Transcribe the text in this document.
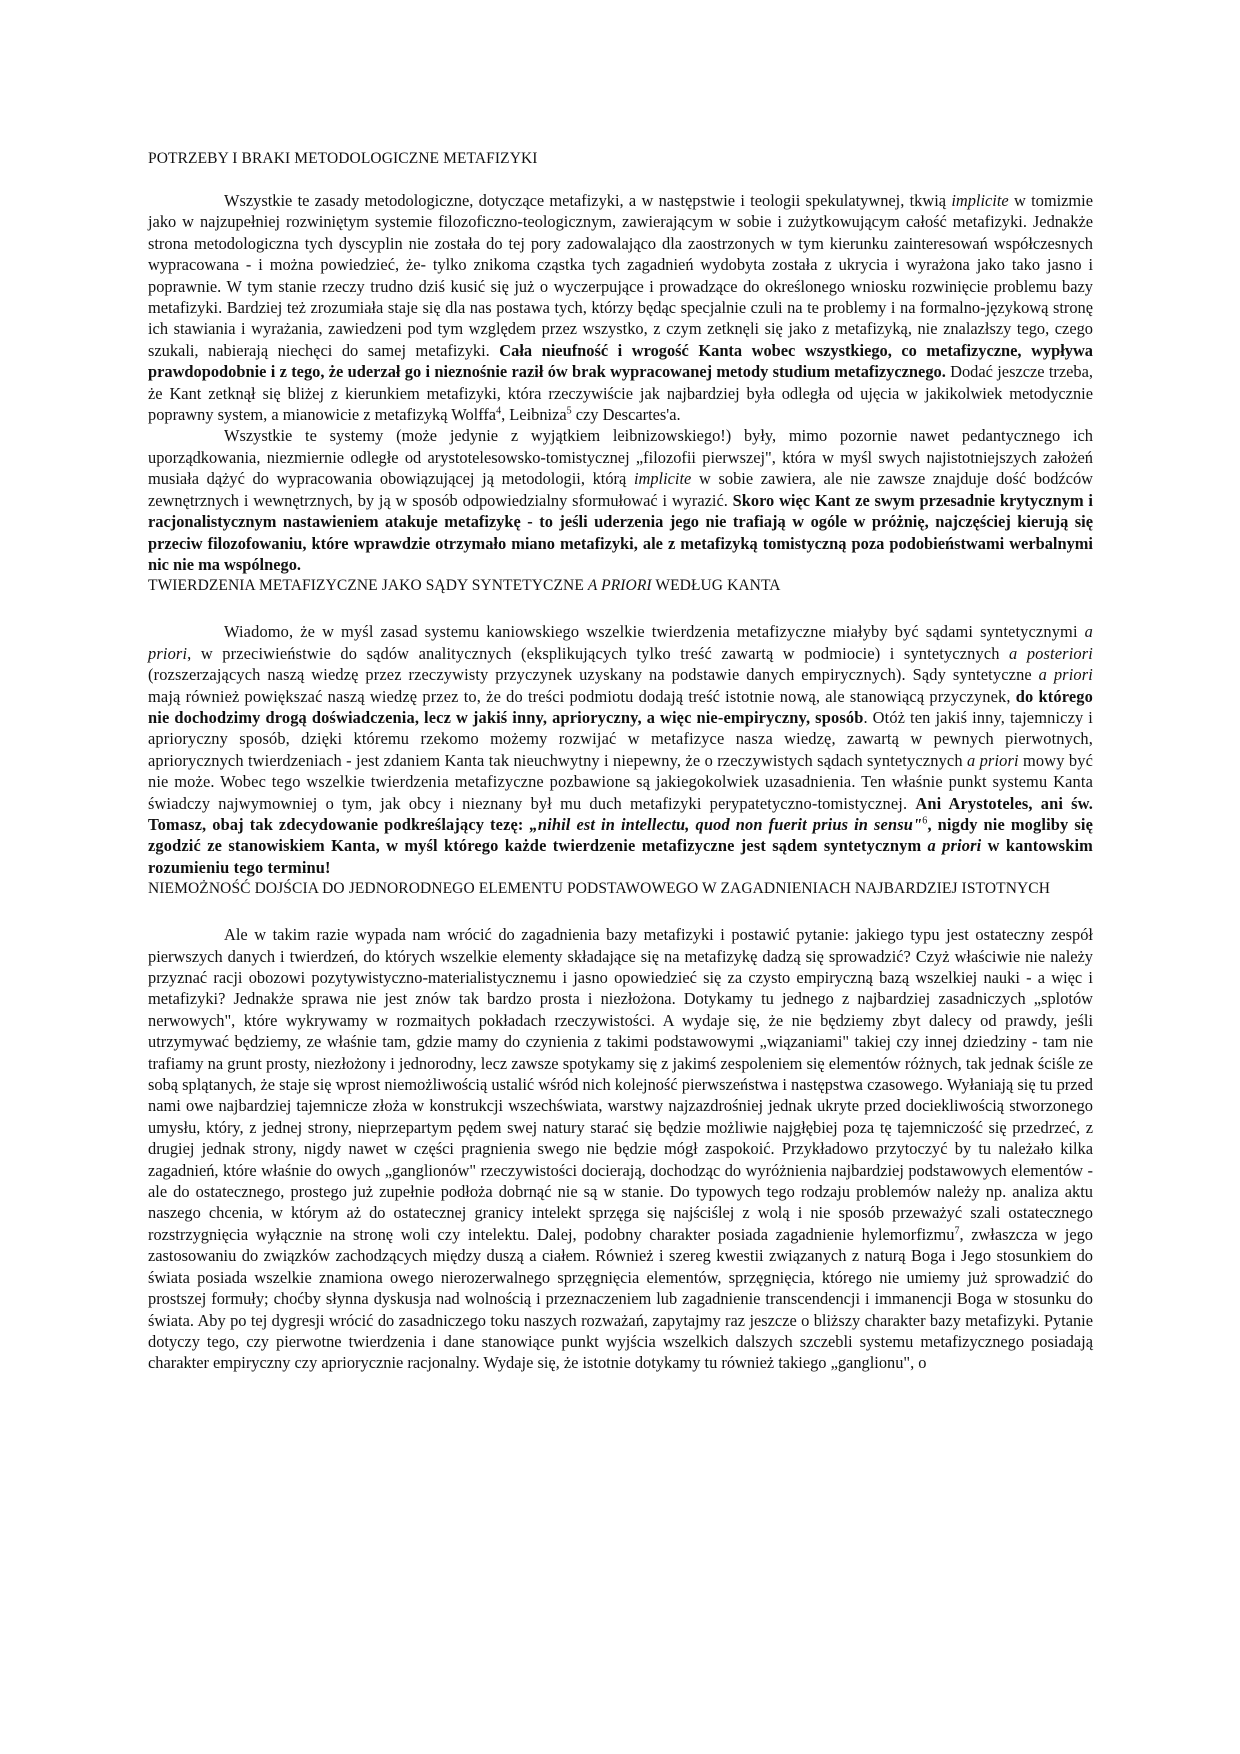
POTRZEBY I BRAKI METODOLOGICZNE METAFIZYKI

Wszystkie te zasady metodologiczne, dotyczące metafizyki, a w następstwie i teologii spekulatywnej, tkwią implicite w tomizmie jako w najzupełniej rozwiniętym systemie filozoficzno-teologicznym, zawierającym w sobie i zużytkowującym całość metafizyki. Jednakże strona metodologiczna tych dyscyplin nie została do tej pory zadowalająco dla zaostrzonych w tym kierunku zainteresowań współczesnych wypracowana - i można powiedzieć, że- tylko znikoma cząstka tych zagadnień wydobyta została z ukrycia i wyrażona jako tako jasno i poprawnie. W tym stanie rzeczy trudno dziś kusić się już o wyczerpujące i prowadzące do określonego wniosku rozwinięcie problemu bazy metafizyki. Bardziej też zrozumiała staje się dla nas postawa tych, którzy będąc specjalnie czuli na te problemy i na formalno-językową stronę ich stawiania i wyrażania, zawiedzeni pod tym względem przez wszystko, z czym zetknęli się jako z metafizyką, nie znalazłszy tego, czego szukali, nabierają niechęci do samej metafizyki. Cała nieufność i wrogość Kanta wobec wszystkiego, co metafizyczne, wypływa prawdopodobnie i z tego, że uderzał go i nieznośnie raził ów brak wypracowanej metody studium metafizycznego. Dodać jeszcze trzeba, że Kant zetknął się bliżej z kierunkiem metafizyki, która rzeczywiście jak najbardziej była odległa od ujęcia w jakikolwiek metodycznie poprawny system, a mianowicie z metafizyką Wolffa$^4$, Leibniza$^5$ czy Descartes'a.

Wszystkie te systemy (może jedynie z wyjątkiem leibnizowskiego!) były, mimo pozornie nawet pedantycznego ich uporządkowania, niezmiernie odległe od arystotelesowsko-tomistycznej „filozofii pierwszej", która w myśl swych najistotniejszych założeń musiała dążyć do wypracowania obowiązującej ją metodologii, którą implicite w sobie zawiera, ale nie zawsze znajduje dość bodźców zewnętrznych i wewnętrznych, by ją w sposób odpowiedzialny sformułować i wyrazić. Skoro więc Kant ze swym przesadnie krytycznym i racjonalistycznym nastawieniem atakuje metafizykę - to jeśli uderzenia jego nie trafiają w ogóle w próżnię, najczęściej kierują się przeciw filozofowaniu, które wprawdzie otrzymało miano metafizyki, ale z metafizyką tomistyczną poza podobieństwami werbalnymi nic nie ma wspólnego.

TWIERDZENIA METAFIZYCZNE JAKO SĄDY SYNTETYCZNE A PRIORI WEDŁUG KANTA

Wiadomo, że w myśl zasad systemu kaniowskiego wszelkie twierdzenia metafizyczne miałyby być sądami syntetycznymi a priori, w przeciwieństwie do sądów analitycznych (eksplikujących tylko treść zawartą w podmiocie) i syntetycznych a posteriori (rozszerzających naszą wiedzę przez rzeczywisty przyczynek uzyskany na podstawie danych empirycznych). Sądy syntetyczne a priori mają również powiększać naszą wiedzę przez to, że do treści podmiotu dodają treść istotnie nową, ale stanowiącą przyczynek, do którego nie dochodzimy drogą doświadczenia, lecz w jakiś inny, aprioryczny, a więc nie-empiryczny, sposób. Otóż ten jakiś inny, tajemniczy i aprioryczny sposób, dzięki któremu rzekomo możemy rozwijać w metafizyce nasza wiedzę, zawartą w pewnych pierwotnych, apriorycznych twierdzeniach - jest zdaniem Kanta tak nieuchwytny i niepewny, że o rzeczywistych sądach syntetycznych a priori mowy być nie może. Wobec tego wszelkie twierdzenia metafizyczne pozbawione są jakiegokolwiek uzasadnienia. Ten właśnie punkt systemu Kanta świadczy najwymowniej o tym, jak obcy i nieznany był mu duch metafizyki perypatetyczno-tomistycznej. Ani Arystoteles, ani św. Tomasz, obaj tak zdecydowanie podkreślający tezę: „nihil est in intellectu, quod non fuerit prius in sensu"$^6$, nigdy nie mogliby się zgodzić ze stanowiskiem Kanta, w myśl którego każde twierdzenie metafizyczne jest sądem syntetycznym a priori w kantowskim rozumieniu tego terminu!

NIEMOŻNOŚĆ DOJŚCIA DO JEDNORODNEGO ELEMENTU PODSTAWOWEGO W ZAGADNIENIACH NAJBARDZIEJ ISTOTNYCH

Ale w takim razie wypada nam wrócić do zagadnienia bazy metafizyki i postawić pytanie: jakiego typu jest ostateczny zespół pierwszych danych i twierdzeń, do których wszelkie elementy składające się na metafizykę dadzą się sprowadzić? Czyż właściwie nie należy przyznać racji obozowi pozytywistyczno-materialistycznemu i jasno opowiedzieć się za czysto empiryczną bazą wszelkiej nauki - a więc i metafizyki? Jednakże sprawa nie jest znów tak bardzo prosta i niezłożona. Dotykamy tu jednego z najbardziej zasadniczych „splotów nerwowych", które wykrywamy w rozmaitych pokładach rzeczywistości. A wydaje się, że nie będziemy zbyt dalecy od prawdy, jeśli utrzymywać będziemy, ze właśnie tam, gdzie mamy do czynienia z takimi podstawowymi „wiązaniami" takiej czy innej dziedziny - tam nie trafiamy na grunt prosty, niezłożony i jednorodny, lecz zawsze spotykamy się z jakimś zespoleniem się elementów różnych, tak jednak ściśle ze sobą splątanych, że staje się wprost niemożliwością ustalić wśród nich kolejność pierwszeństwa i następstwa czasowego. Wyłaniają się tu przed nami owe najbardziej tajemnicze złoża w konstrukcji wszechświata, warstwy najzazdrośniej jednak ukryte przed dociekliwością stworzonego umysłu, który, z jednej strony, nieprzepartym pędem swej natury starać się będzie możliwie najgłębiej poza tę tajemniczość się przedrzeć, z drugiej jednak strony, nigdy nawet w części pragnienia swego nie będzie mógł zaspokoić. Przykładowo przytoczyć by tu należało kilka zagadnień, które właśnie do owych „ganglionów" rzeczywistości docierają, dochodząc do wyróżnienia najbardziej podstawowych elementów - ale do ostatecznego, prostego już zupełnie podłoża dobrnąć nie są w stanie. Do typowych tego rodzaju problemów należy np. analiza aktu naszego chcenia, w którym aż do ostatecznej granicy intelekt sprzęga się najściślej z wolą i nie sposób przeważyć szali ostatecznego rozstrzygnięcia wyłącznie na stronę woli czy intelektu. Dalej, podobny charakter posiada zagadnienie hylemorfizmu$^7$, zwłaszcza w jego zastosowaniu do związków zachodzących między duszą a ciałem. Również i szereg kwestii związanych z naturą Boga i Jego stosunkiem do świata posiada wszelkie znamiona owego nierozerwalnego sprzęgnięcia elementów, sprzęgnięcia, którego nie umiemy już sprowadzić do prostszej formuły; choćby słynna dyskusja nad wolnością i przeznaczeniem lub zagadnienie transcendencji i immanencji Boga w stosunku do świata. Aby po tej dygresji wrócić do zasadniczego toku naszych rozważań, zapytajmy raz jeszcze o bliższy charakter bazy metafizyki. Pytanie dotyczy tego, czy pierwotne twierdzenia i dane stanowiące punkt wyjścia wszelkich dalszych szczebli systemu metafizycznego posiadają charakter empiryczny czy apriorycznie racjonalny. Wydaje się, że istotnie dotykamy tu również takiego „ganglionu", o
